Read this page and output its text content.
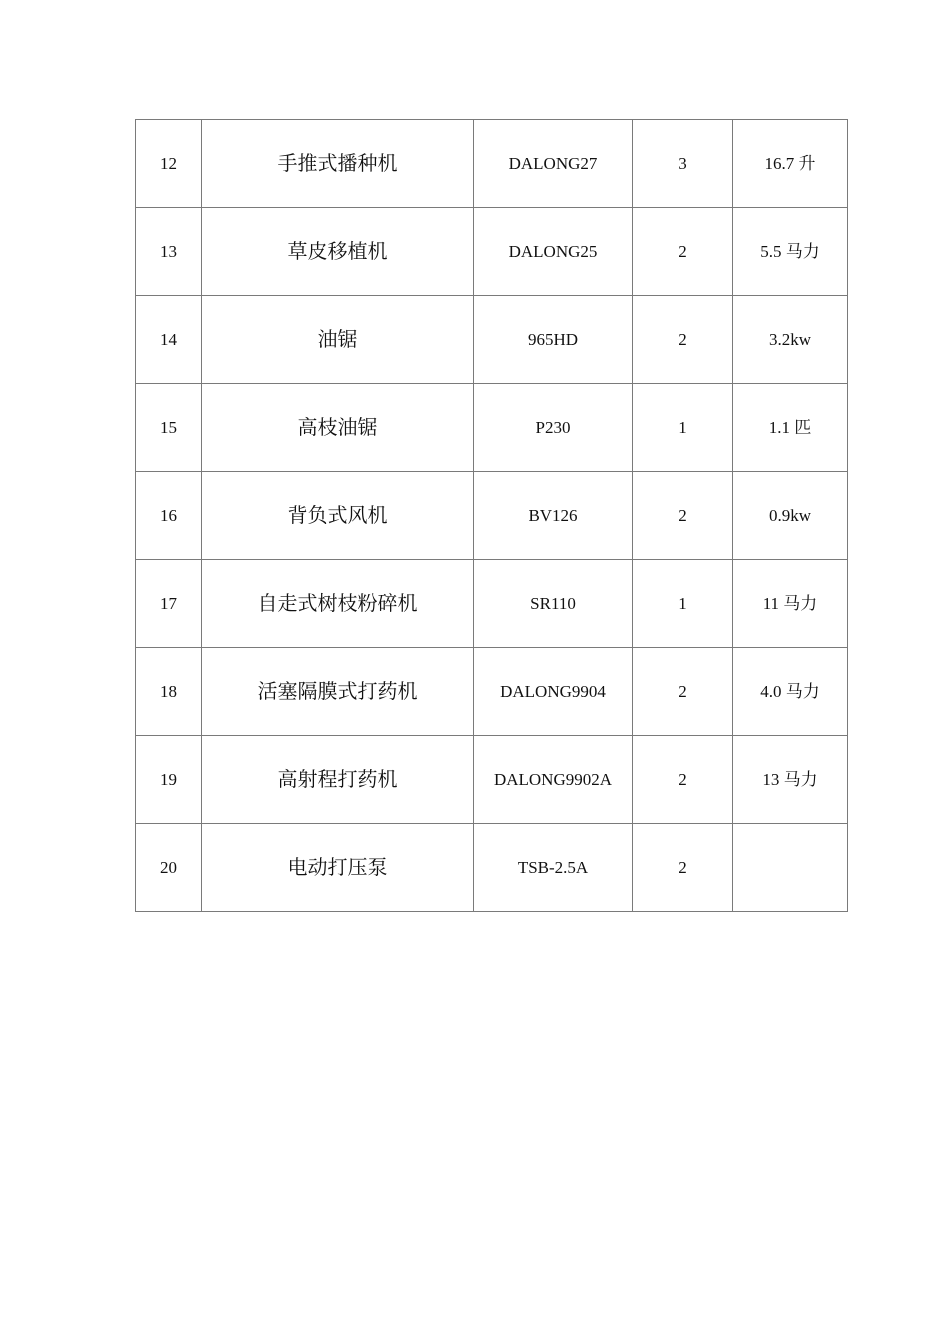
12	手推式播种机	DALONG27	3	16.7 升
13	草皮移植机	DALONG25	2	5.5 马力
14	油锯	965HD	2	3.2kw
15	高枝油锯	P230	1	1.1 匹
16	背负式风机	BV126	2	0.9kw
17	自走式树枝粉碎机	SR110	1	11 马力
18	活塞隔膜式打药机	DALONG9904	2	4.0 马力
19	高射程打药机	DALONG9902A	2	13 马力
20	电动打压泵	TSB-2.5A	2	
